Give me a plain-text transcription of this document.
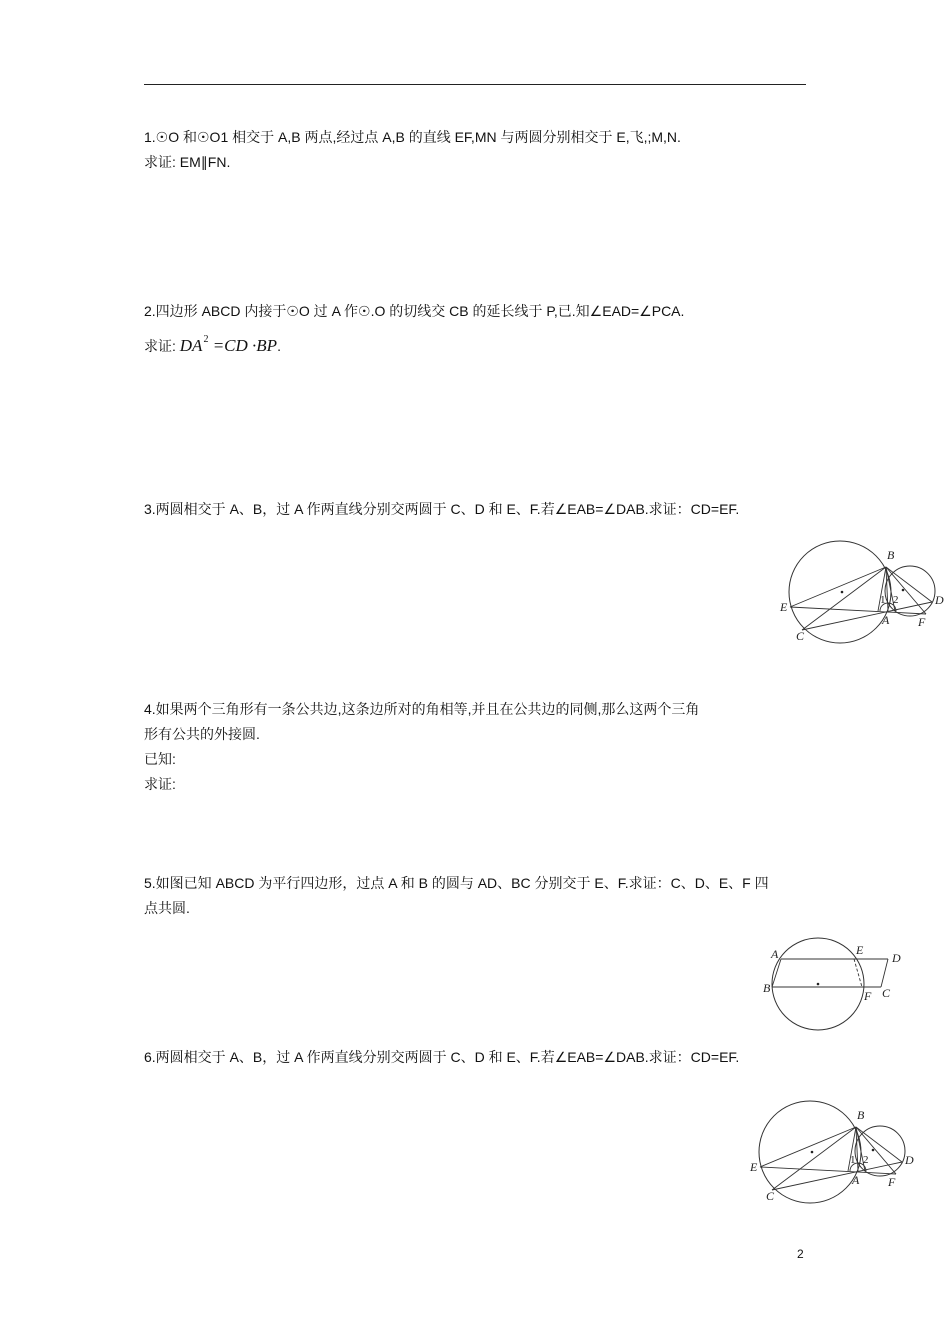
1.☉O 和☉O1 相交于 A,B 两点,经过点 A,B 的直线 EF,MN 与两圆分别相交于 E,飞,;M,N.
求证: EM∥FN.
2.四边形 ABCD 内接于☉O 过 A 作☉.O 的切线交 CB 的延长线于 P,已.知∠EAD=∠PCA.
求证: $DA^2 =CD \cdot BP$.
3.两圆相交于 A、B，过 A 作两直线分别交两圆于 C、D 和 E、F.若∠EAB=∠DAB.求证：CD=EF.
B
E
C
A F
D
1 2
4.如果两个三角形有一条公共边,这条边所对的角相等,并且在公共边的同侧,那么这两个三角
形有公共的外接圆.
已知:
求证:
5.如图已知 ABCD 为平行四边形，过点 A 和 B 的圆与 AD、BC 分别交于 E、F.求证：C、D、E、F 四
点共圆.
A	E
D
B
F C
6.两圆相交于 A、B，过 A 作两直线分别交两圆于 C、D 和 E、F.若∠EAB=∠DAB.求证：CD=EF.
B
E
C
A F
D
1 2
2
